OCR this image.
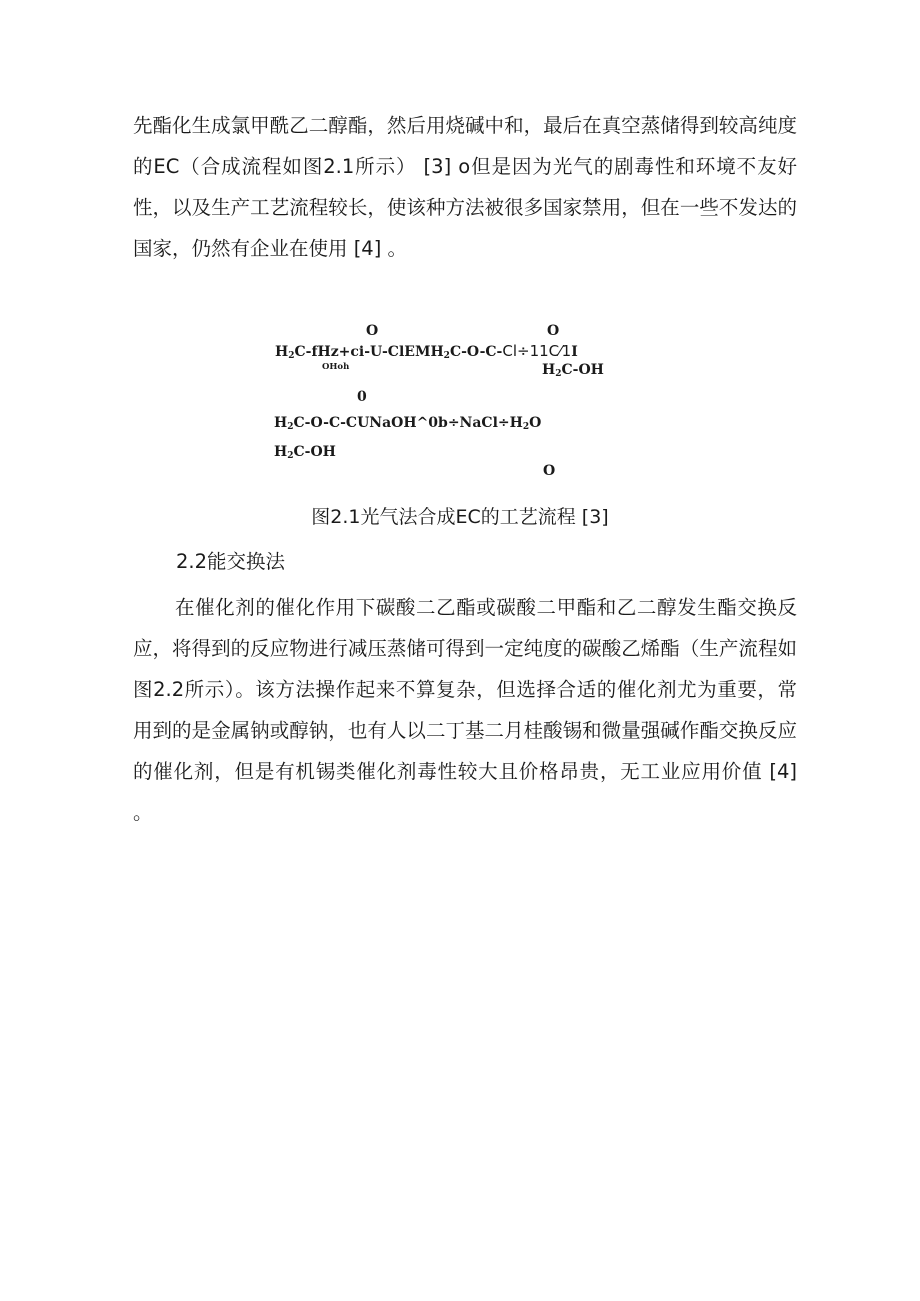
先酯化生成氯甲酰乙二醇酯，然后用烧碱中和，最后在真空蒸储得到较高纯度的EC（合成流程如图2.1所示） [3] o但是因为光气的剧毒性和环境不友好性，以及生产工艺流程较长，使该种方法被很多国家禁用，但在一些不发达的国家，仍然有企业在使用 [4] 。

O	O
$H_2C-fHz+ci-U-ClEMH_2C-O-C-Cl\div 11C⁄1I$
OHoh	$H_2C-OH$
0
$H_2C-O-C-CUNaOH\^{}0b\div NaCl\div H_2O$
$H_2C-OH$
O
图2.1光气法合成EC的工艺流程 [3]
2.2能交换法

在催化剂的催化作用下碳酸二乙酯或碳酸二甲酯和乙二醇发生酯交换反应，将得到的反应物进行减压蒸储可得到一定纯度的碳酸乙烯酯（生产流程如图2.2所示）。该方法操作起来不算复杂，但选择合适的催化剂尤为重要，常用到的是金属钠或醇钠，也有人以二丁基二月桂酸锡和微量强碱作酯交换反应的催化剂，但是有机锡类催化剂毒性较大且价格昂贵，无工业应用价值 [4] 。
